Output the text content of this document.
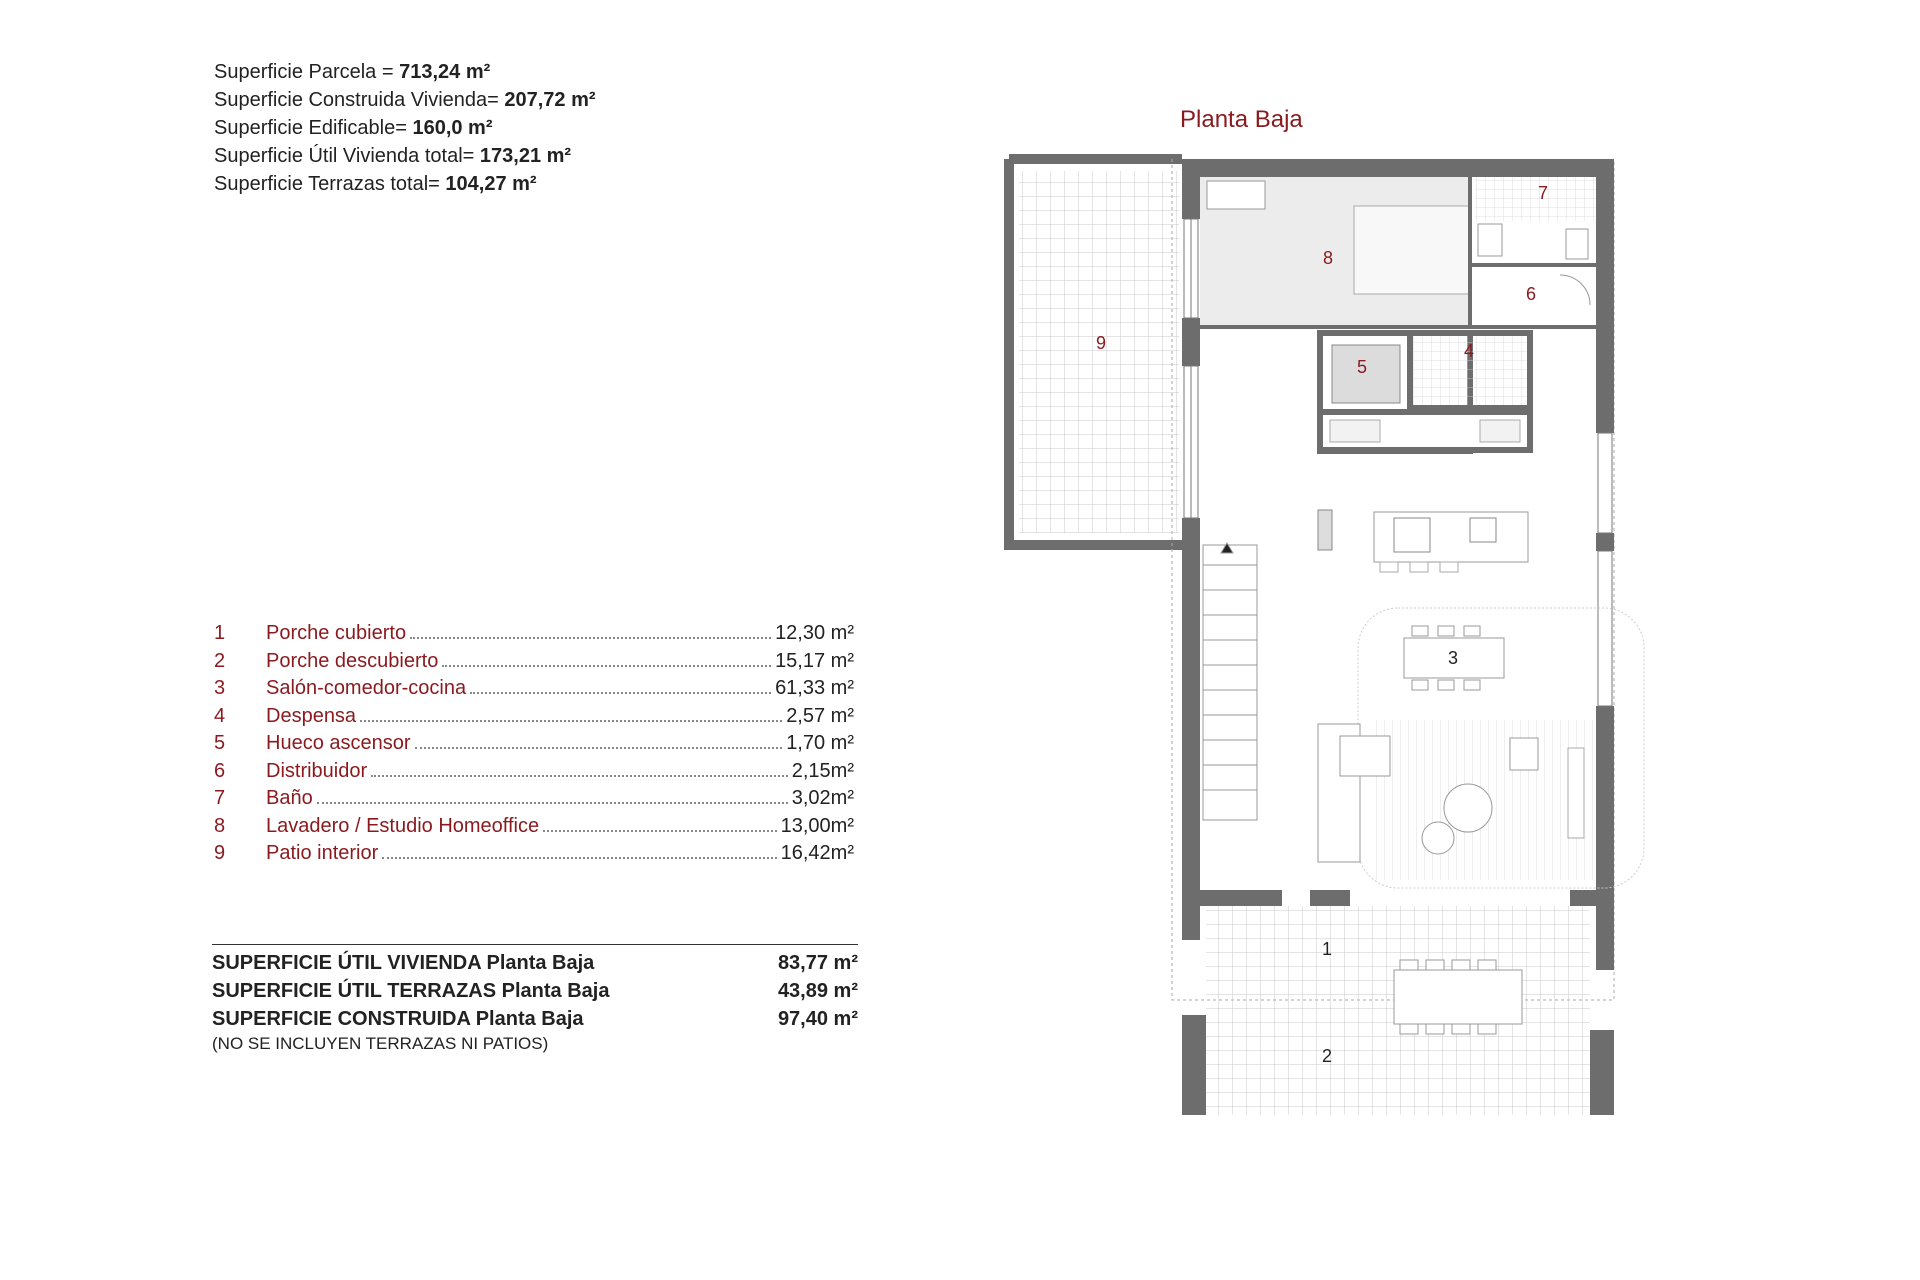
Superficie Parcela = 713,24 m²
Superficie Construida Vivienda= 207,72 m²
Superficie Edificable= 160,0 m²
Superficie Útil Vivienda total= 173,21 m²
Superficie Terrazas total= 104,27 m²
1	Porche cubierto	12,30 m²
2	Porche descubierto	15,17 m²
3	Salón-comedor-cocina	61,33 m²
4	Despensa	2,57 m²
5	Hueco ascensor	1,70 m²
6	Distribuidor	2,15m²
7	Baño	3,02m²
8	Lavadero / Estudio Homeoffice	13,00m²
9	Patio interior	16,42m²
SUPERFICIE ÚTIL VIVIENDA Planta Baja	83,77 m²
SUPERFICIE ÚTIL TERRAZAS Planta Baja	43,89 m²
SUPERFICIE CONSTRUIDA Planta Baja	97,40 m²
(NO SE INCLUYEN TERRAZAS NI PATIOS)
Planta Baja
8
7
6
4
5
9
3
1
2
